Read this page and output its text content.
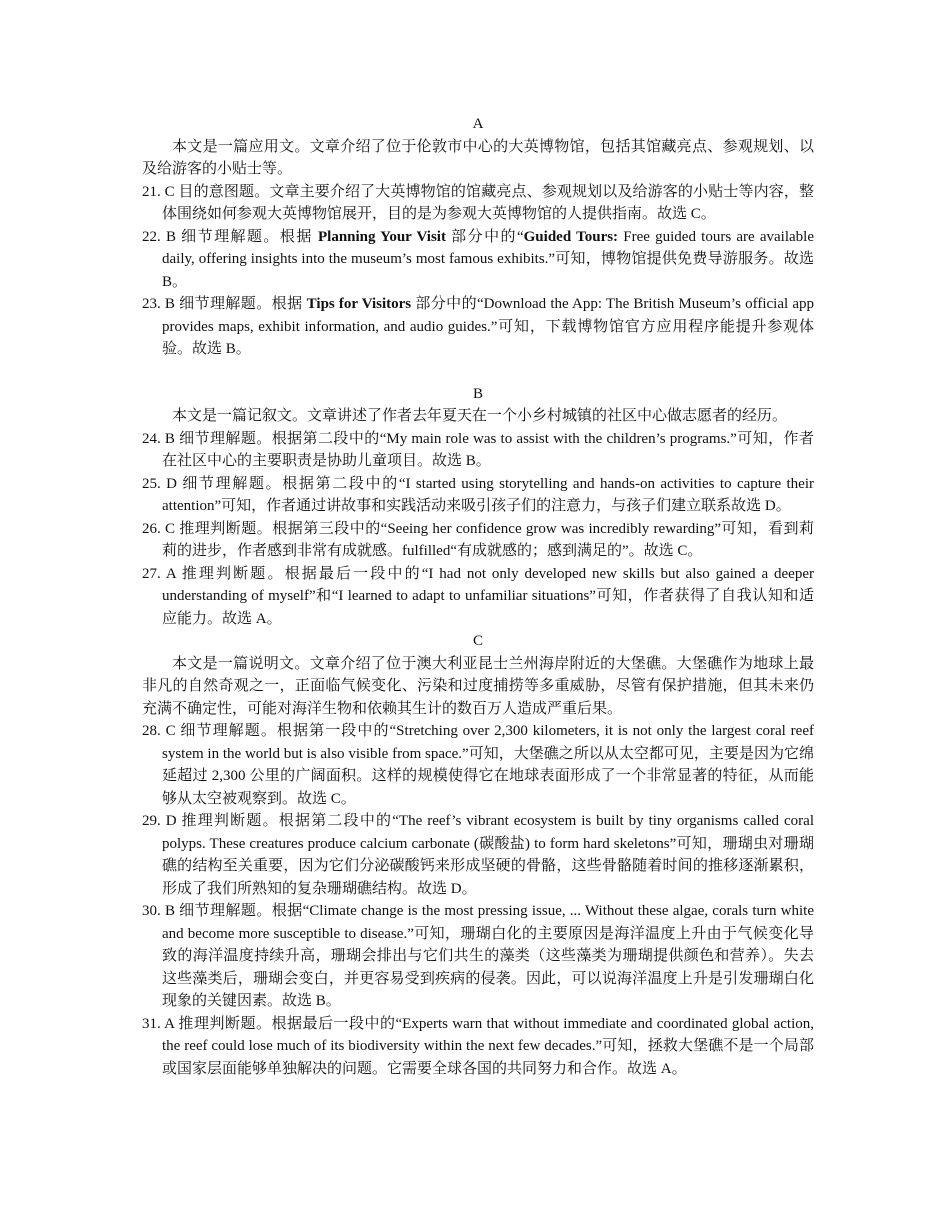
A

本文是一篇应用文。文章介绍了位于伦敦市中心的大英博物馆，包括其馆藏亮点、参观规划、以及给游客的小贴士等。

21. C 目的意图题。文章主要介绍了大英博物馆的馆藏亮点、参观规划以及给游客的小贴士等内容，整体围绕如何参观大英博物馆展开，目的是为参观大英博物馆的人提供指南。故选 C。

22. B 细节理解题。根据 Planning Your Visit 部分中的“Guided Tours: Free guided tours are available daily, offering insights into the museum’s most famous exhibits.”可知，博物馆提供免费导游服务。故选 B。

23. B 细节理解题。根据 Tips for Visitors 部分中的“Download the App: The British Museum’s official app provides maps, exhibit information, and audio guides.”可知，下载博物馆官方应用程序能提升参观体验。故选 B。

B

本文是一篇记叙文。文章讲述了作者去年夏天在一个小乡村城镇的社区中心做志愿者的经历。

24. B 细节理解题。根据第二段中的“My main role was to assist with the children’s programs.”可知，作者在社区中心的主要职责是协助儿童项目。故选 B。

25. D 细节理解题。根据第二段中的“I started using storytelling and hands-on activities to capture their attention”可知，作者通过讲故事和实践活动来吸引孩子们的注意力，与孩子们建立联系故选 D。

26. C 推理判断题。根据第三段中的“Seeing her confidence grow was incredibly rewarding”可知，看到莉莉的进步，作者感到非常有成就感。fulfilled“有成就感的；感到满足的”。故选 C。

27. A 推理判断题。根据最后一段中的“I had not only developed new skills but also gained a deeper understanding of myself”和“I learned to adapt to unfamiliar situations”可知，作者获得了自我认知和适应能力。故选 A。

C

本文是一篇说明文。文章介绍了位于澳大利亚昆士兰州海岸附近的大堡礁。大堡礁作为地球上最非凡的自然奇观之一，正面临气候变化、污染和过度捕捞等多重威胁，尽管有保护措施，但其未来仍充满不确定性，可能对海洋生物和依赖其生计的数百万人造成严重后果。

28. C 细节理解题。根据第一段中的“Stretching over 2,300 kilometers, it is not only the largest coral reef system in the world but is also visible from space.”可知，大堡礁之所以从太空都可见，主要是因为它绵延超过 2,300 公里的广阔面积。这样的规模使得它在地球表面形成了一个非常显著的特征，从而能够从太空被观察到。故选 C。

29. D 推理判断题。根据第二段中的“The reef’s vibrant ecosystem is built by tiny organisms called coral polyps. These creatures produce calcium carbonate (碳酸盐) to form hard skeletons”可知，珊瑚虫对珊瑚礁的结构至关重要，因为它们分泌碳酸钙来形成坚硬的骨骼，这些骨骼随着时间的推移逐渐累积，形成了我们所熟知的复杂珊瑚礁结构。故选 D。

30. B 细节理解题。根据“Climate change is the most pressing issue, ... Without these algae, corals turn white and become more susceptible to disease.”可知，珊瑚白化的主要原因是海洋温度上升由于气候变化导致的海洋温度持续升高，珊瑚会排出与它们共生的藻类（这些藻类为珊瑚提供颜色和营养）。失去这些藻类后，珊瑚会变白，并更容易受到疾病的侵袭。因此，可以说海洋温度上升是引发珊瑚白化现象的关键因素。故选 B。

31. A 推理判断题。根据最后一段中的“Experts warn that without immediate and coordinated global action, the reef could lose much of its biodiversity within the next few decades.”可知，拯救大堡礁不是一个局部或国家层面能够单独解决的问题。它需要全球各国的共同努力和合作。故选 A。
